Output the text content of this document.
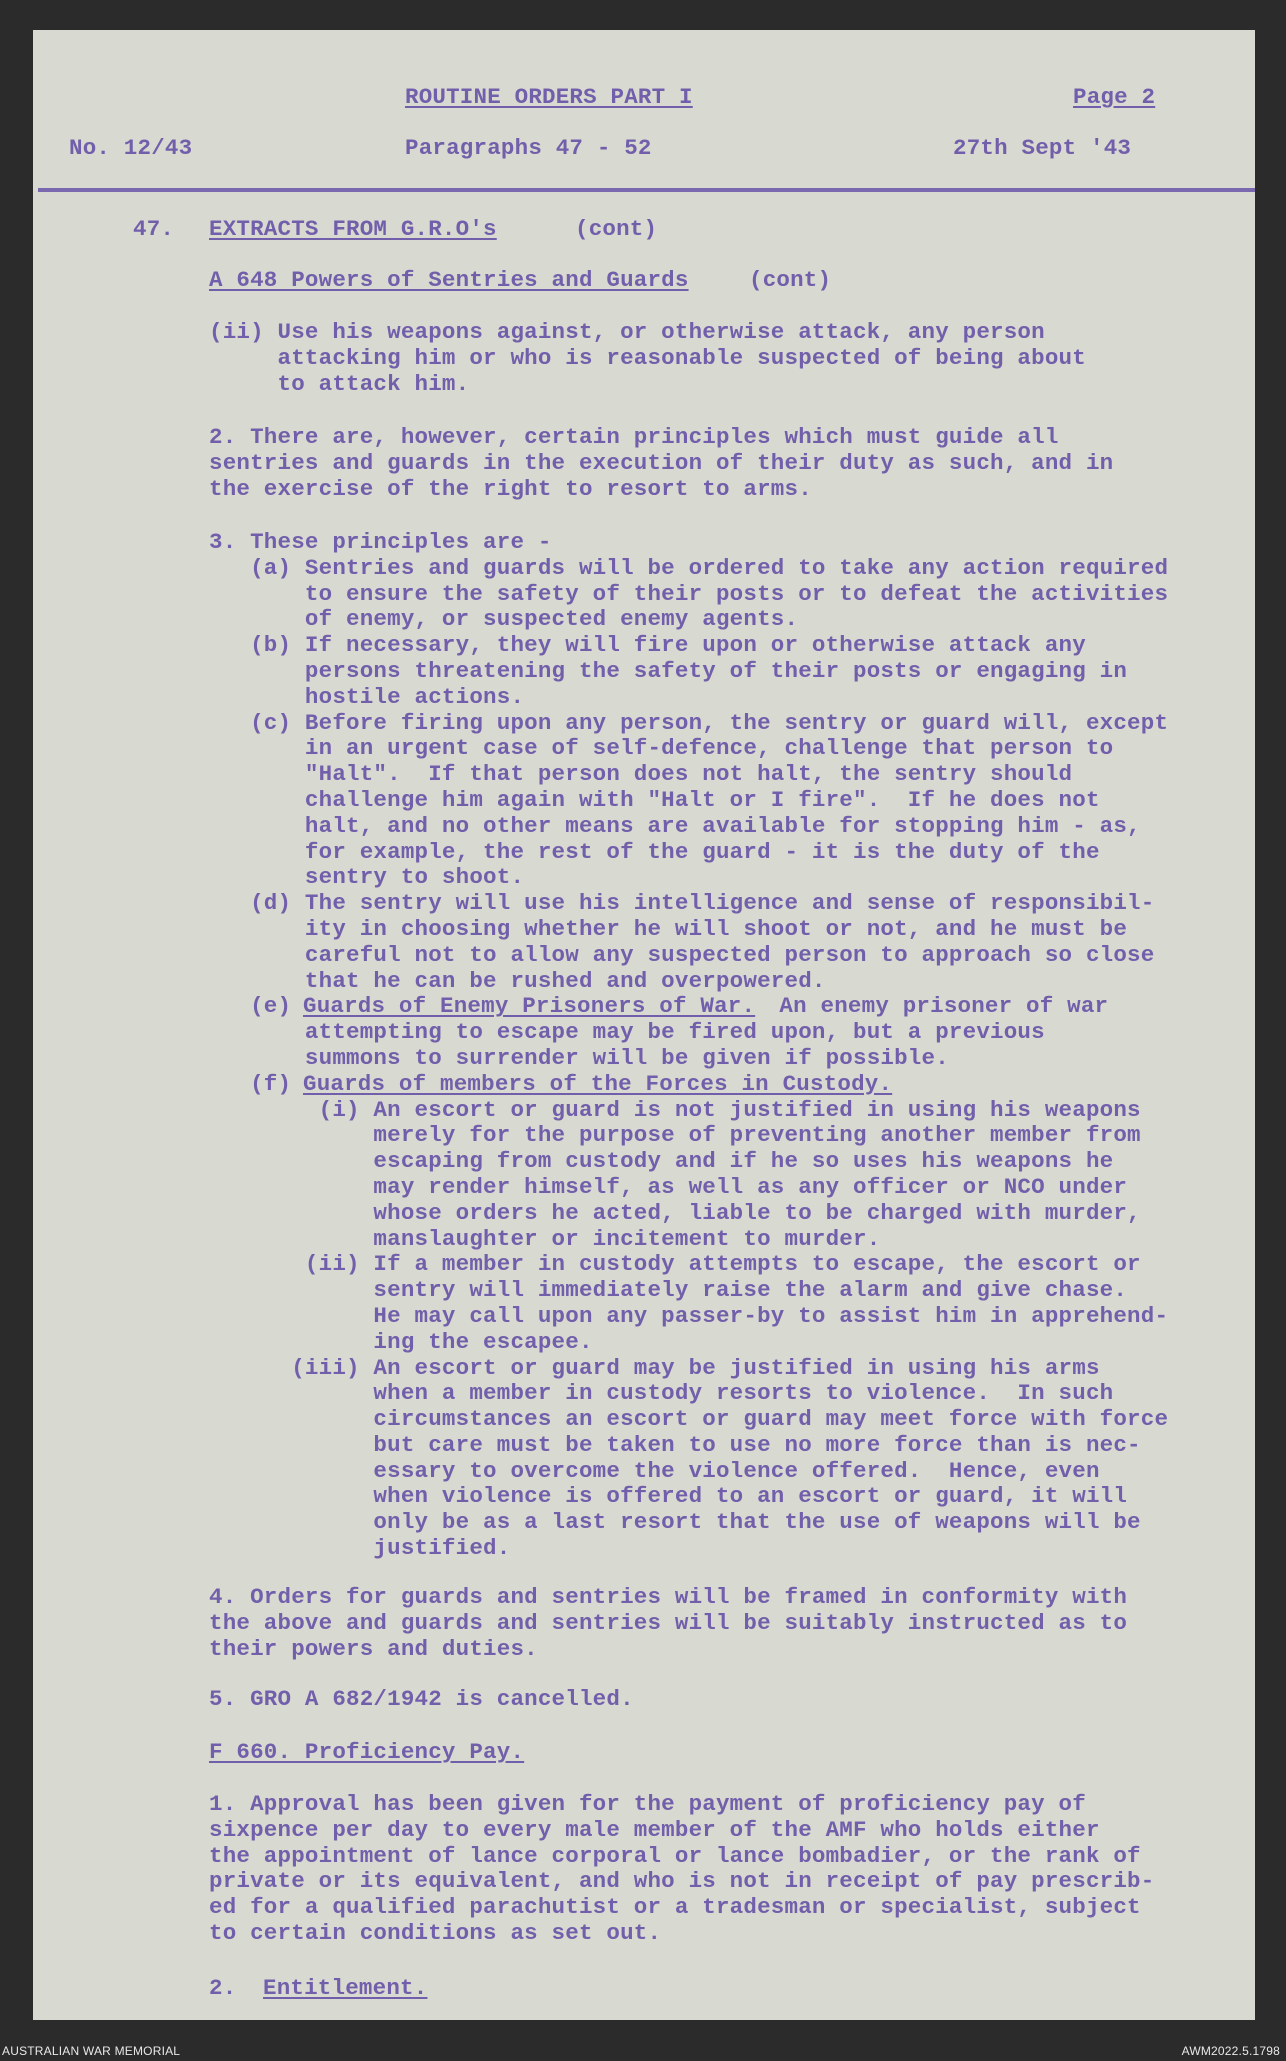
ROUTINE ORDERS PART I	Page 2
No. 12/43	Paragraphs 47 - 52	27th Sept '43
47. EXTRACTS FROM G.R.O's	(cont)
A 648 Powers of Sentries and Guards	(cont)
(ii) Use his weapons against, or otherwise attack, any person
attacking him or who is reasonable suspected of being about
to attack him.
2. There are, however, certain principles which must guide all
sentries and guards in the execution of their duty as such, and in
the exercise of the right to resort to arms.
3. These principles are -
(a) Sentries and guards will be ordered to take any action required
to ensure the safety of their posts or to defeat the activities
of enemy, or suspected enemy agents.
(b) If necessary, they will fire upon or otherwise attack any
persons threatening the safety of their posts or engaging in
hostile actions.
(c) Before firing upon any person, the sentry or guard will, except
in an urgent case of self-defence, challenge that person to
"Halt".  If that person does not halt, the sentry should
challenge him again with "Halt or I fire".  If he does not
halt, and no other means are available for stopping him - as,
for example, the rest of the guard - it is the duty of the
sentry to shoot.
(d) The sentry will use his intelligence and sense of responsibil-
ity in choosing whether he will shoot or not, and he must be
careful not to allow any suspected person to approach so close
that he can be rushed and overpowered.
(e)
Guards of Enemy Prisoners of War.
An enemy prisoner of war
attempting to escape may be fired upon, but a previous
summons to surrender will be given if possible.
(f)
Guards of members of the Forces in Custody.
(i) An escort or guard is not justified in using his weapons
merely for the purpose of preventing another member from
escaping from custody and if he so uses his weapons he
may render himself, as well as any officer or NCO under
whose orders he acted, liable to be charged with murder,
manslaughter or incitement to murder.
(ii) If a member in custody attempts to escape, the escort or
sentry will immediately raise the alarm and give chase.
He may call upon any passer-by to assist him in apprehend-
ing the escapee.
(iii) An escort or guard may be justified in using his arms
when a member in custody resorts to violence.  In such
circumstances an escort or guard may meet force with force
but care must be taken to use no more force than is nec-
essary to overcome the violence offered.  Hence, even
when violence is offered to an escort or guard, it will
only be as a last resort that the use of weapons will be
justified.
4. Orders for guards and sentries will be framed in conformity with
the above and guards and sentries will be suitably instructed as to
their powers and duties.
5. GRO A 682/1942 is cancelled.
F 660. Proficiency Pay.
1. Approval has been given for the payment of proficiency pay of
sixpence per day to every male member of the AMF who holds either
the appointment of lance corporal or lance bombadier, or the rank of
private or its equivalent, and who is not in receipt of pay prescrib-
ed for a qualified parachutist or a tradesman or specialist, subject
to certain conditions as set out.
2. Entitlement.
AUSTRALIAN WAR MEMORIAL	AWM2022.5.1798
